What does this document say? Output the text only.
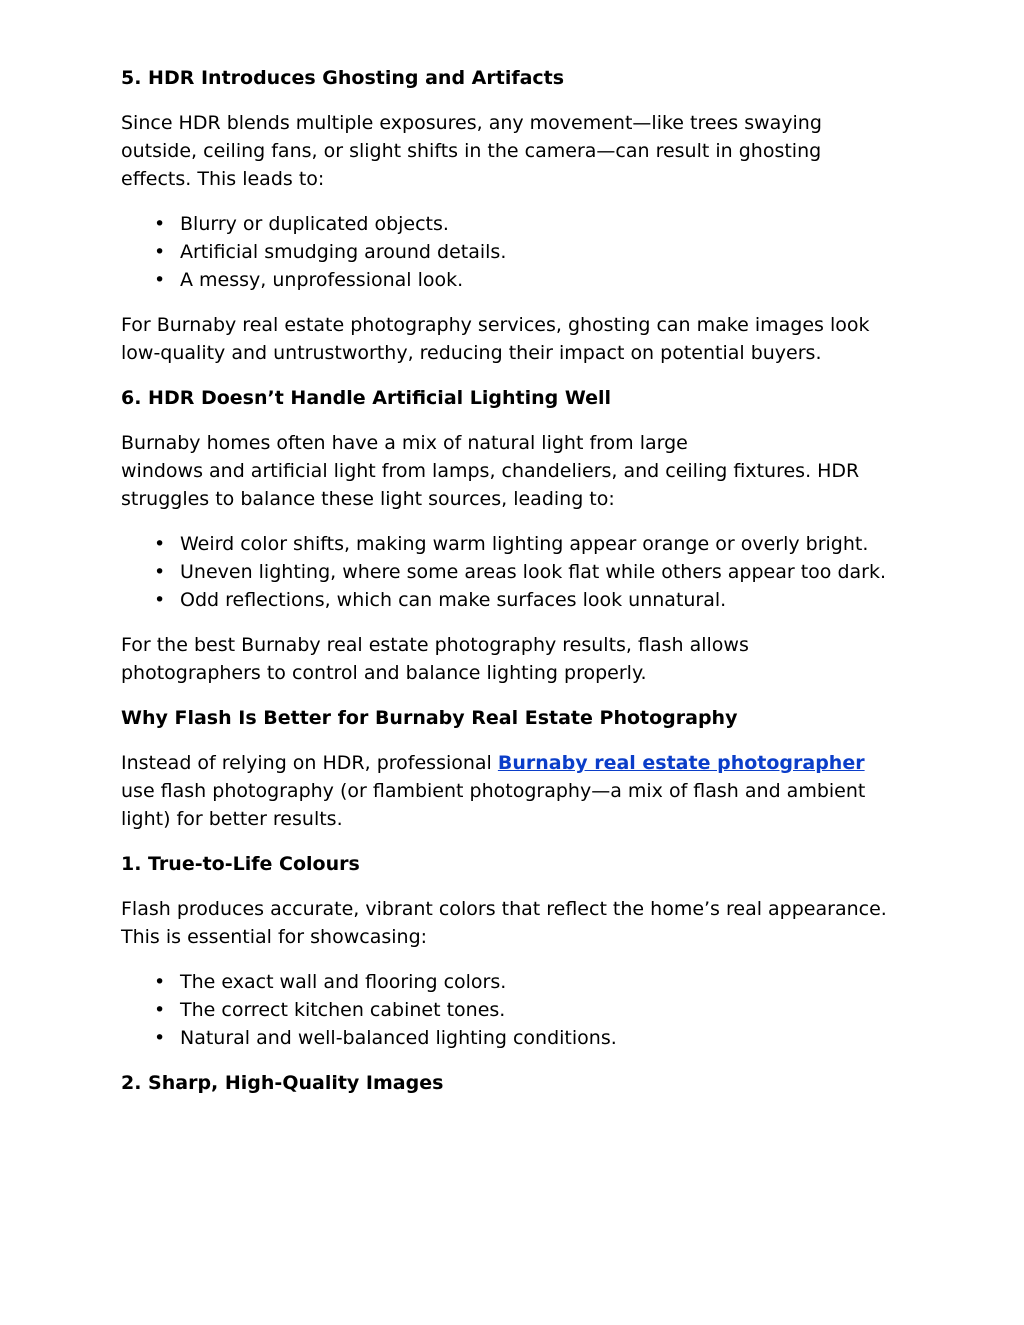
5. HDR Introduces Ghosting and Artifacts

Since HDR blends multiple exposures, any movement—like trees swaying outside, ceiling fans, or slight shifts in the camera—can result in ghosting effects. This leads to:

• Blurry or duplicated objects.
• Artificial smudging around details.
• A messy, unprofessional look.

For Burnaby real estate photography services, ghosting can make images look low-quality and untrustworthy, reducing their impact on potential buyers.

6. HDR Doesn’t Handle Artificial Lighting Well

Burnaby homes often have a mix of natural light from large
windows and artificial light from lamps, chandeliers, and ceiling fixtures. HDR struggles to balance these light sources, leading to:

• Weird color shifts, making warm lighting appear orange or overly bright.
• Uneven lighting, where some areas look flat while others appear too dark.
• Odd reflections, which can make surfaces look unnatural.

For the best Burnaby real estate photography results, flash allows photographers to control and balance lighting properly.

Why Flash Is Better for Burnaby Real Estate Photography

Instead of relying on HDR, professional Burnaby real estate photographer use flash photography (or flambient photography—a mix of flash and ambient light) for better results.

1. True-to-Life Colours

Flash produces accurate, vibrant colors that reflect the home’s real appearance. This is essential for showcasing:

• The exact wall and flooring colors.
• The correct kitchen cabinet tones.
• Natural and well-balanced lighting conditions.
2. Sharp, High-Quality Images
